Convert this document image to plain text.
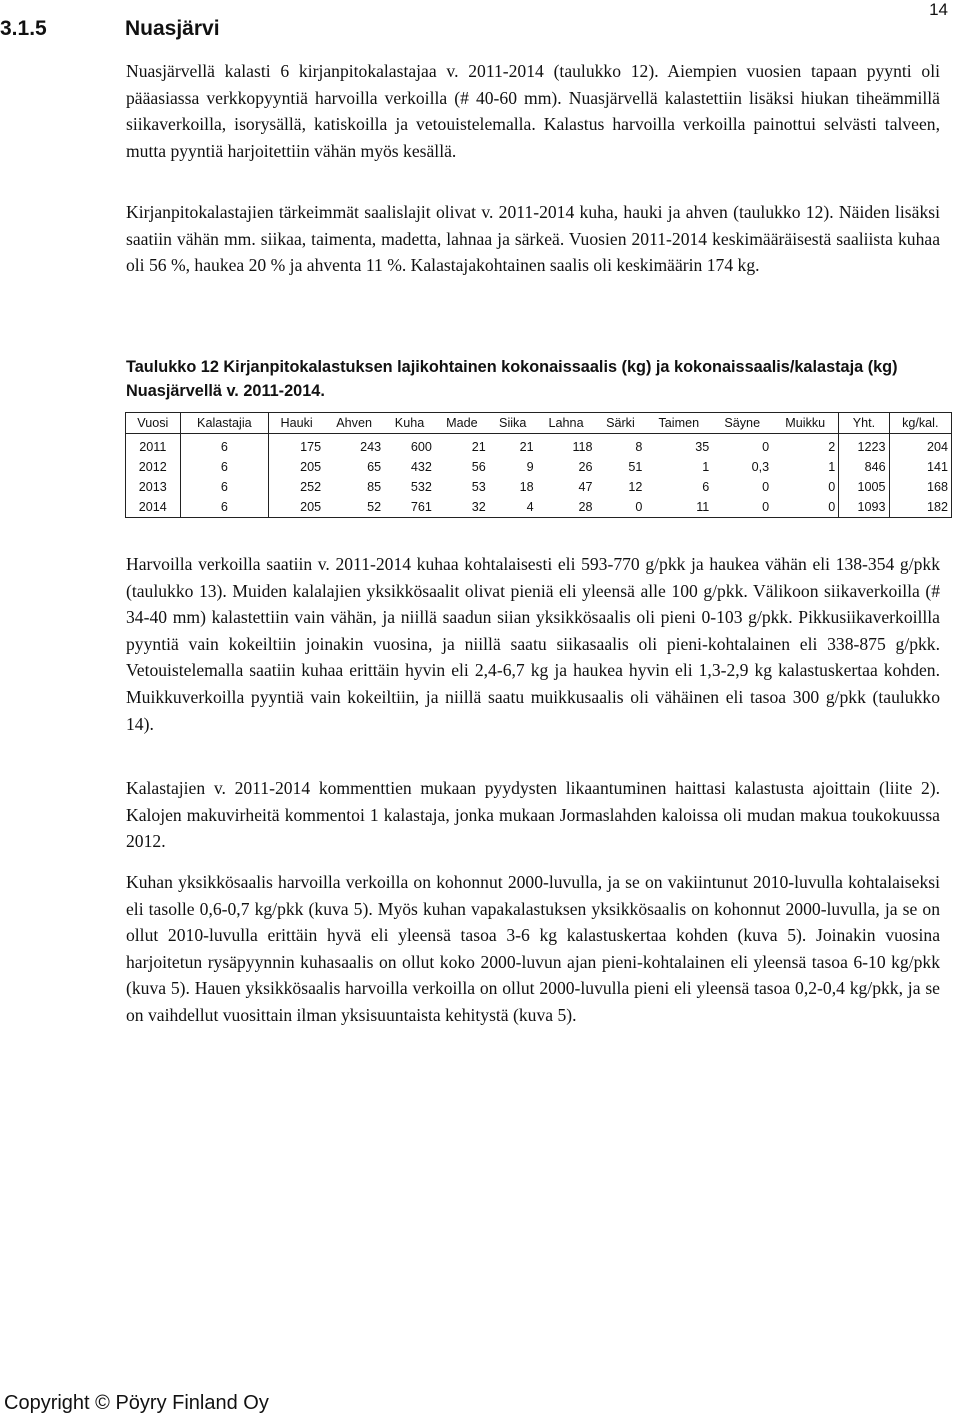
14
3.1.5	Nuasjärvi

Nuasjärvellä kalasti 6 kirjanpitokalastajaa v. 2011-2014 (taulukko 12). Aiempien vuosien tapaan pyynti oli pääasiassa verkkopyyntiä harvoilla verkoilla (# 40-60 mm). Nuasjärvellä kalastettiin lisäksi hiukan tiheämmillä siikaverkoilla, isorysällä, katiskoilla ja vetouistelemalla. Kalastus harvoilla verkoilla painottui selvästi talveen, mutta pyyntiä harjoitettiin vähän myös kesällä.

Kirjanpitokalastajien tärkeimmät saalislajit olivat v. 2011-2014 kuha, hauki ja ahven (taulukko 12). Näiden lisäksi saatiin vähän mm. siikaa, taimenta, madetta, lahnaa ja särkeä. Vuosien 2011-2014 keskimääräisestä saaliista kuhaa oli 56 %, haukea 20 % ja ahventa 11 %. Kalastajakohtainen saalis oli keskimäärin 174 kg.

Taulukko 12 Kirjanpitokalastuksen lajikohtainen kokonaissaalis (kg) ja kokonaissaalis/kalastaja (kg) Nuasjärvellä v. 2011-2014.

Vuosi	Kalastajia	Hauki	Ahven	Kuha	Made	Siika	Lahna	Särki	Taimen	Säyne	Muikku	Yht.	kg/kal.
2011	6	175	243	600	21	21	118	8	35	0	2	1223	204
2012	6	205	65	432	56	9	26	51	1	0,3	1	846	141
2013	6	252	85	532	53	18	47	12	6	0	0	1005	168
2014	6	205	52	761	32	4	28	0	11	0	0	1093	182

Harvoilla verkoilla saatiin v. 2011-2014 kuhaa kohtalaisesti eli 593-770 g/pkk ja haukea vähän eli 138-354 g/pkk (taulukko 13). Muiden kalalajien yksikkösaalit olivat pieniä eli yleensä alle 100 g/pkk. Välikoon siikaverkoilla (# 34-40 mm) kalastettiin vain vähän, ja niillä saadun siian yksikkösaalis oli pieni 0-103 g/pkk. Pikkusiikaverkoillla pyyntiä vain kokeiltiin joinakin vuosina, ja niillä saatu siikasaalis oli pieni-kohtalainen eli 338-875 g/pkk. Vetouistelemalla saatiin kuhaa erittäin hyvin eli 2,4-6,7 kg ja haukea hyvin eli 1,3-2,9 kg kalastuskertaa kohden. Muikkuverkoilla pyyntiä vain kokeiltiin, ja niillä saatu muikkusaalis oli vähäinen eli tasoa 300 g/pkk (taulukko 14).

Kalastajien v. 2011-2014 kommenttien mukaan pyydysten likaantuminen haittasi kalastusta ajoittain (liite 2). Kalojen makuvirheitä kommentoi 1 kalastaja, jonka mukaan Jormaslahden kaloissa oli mudan makua toukokuussa 2012.

Kuhan yksikkösaalis harvoilla verkoilla on kohonnut 2000-luvulla, ja se on vakiintunut 2010-luvulla kohtalaiseksi eli tasolle 0,6-0,7 kg/pkk (kuva 5). Myös kuhan vapakalastuksen yksikkösaalis on kohonnut 2000-luvulla, ja se on ollut 2010-luvulla erittäin hyvä eli yleensä tasoa 3-6 kg kalastuskertaa kohden (kuva 5). Joinakin vuosina harjoitetun rysäpyynnin kuhasaalis on ollut koko 2000-luvun ajan pieni-kohtalainen eli yleensä tasoa 6-10 kg/pkk (kuva 5). Hauen yksikkösaalis harvoilla verkoilla on ollut 2000-luvulla pieni eli yleensä tasoa 0,2-0,4 kg/pkk, ja se on vaihdellut vuosittain ilman yksisuuntaista kehitystä (kuva 5).

Copyright © Pöyry Finland Oy
